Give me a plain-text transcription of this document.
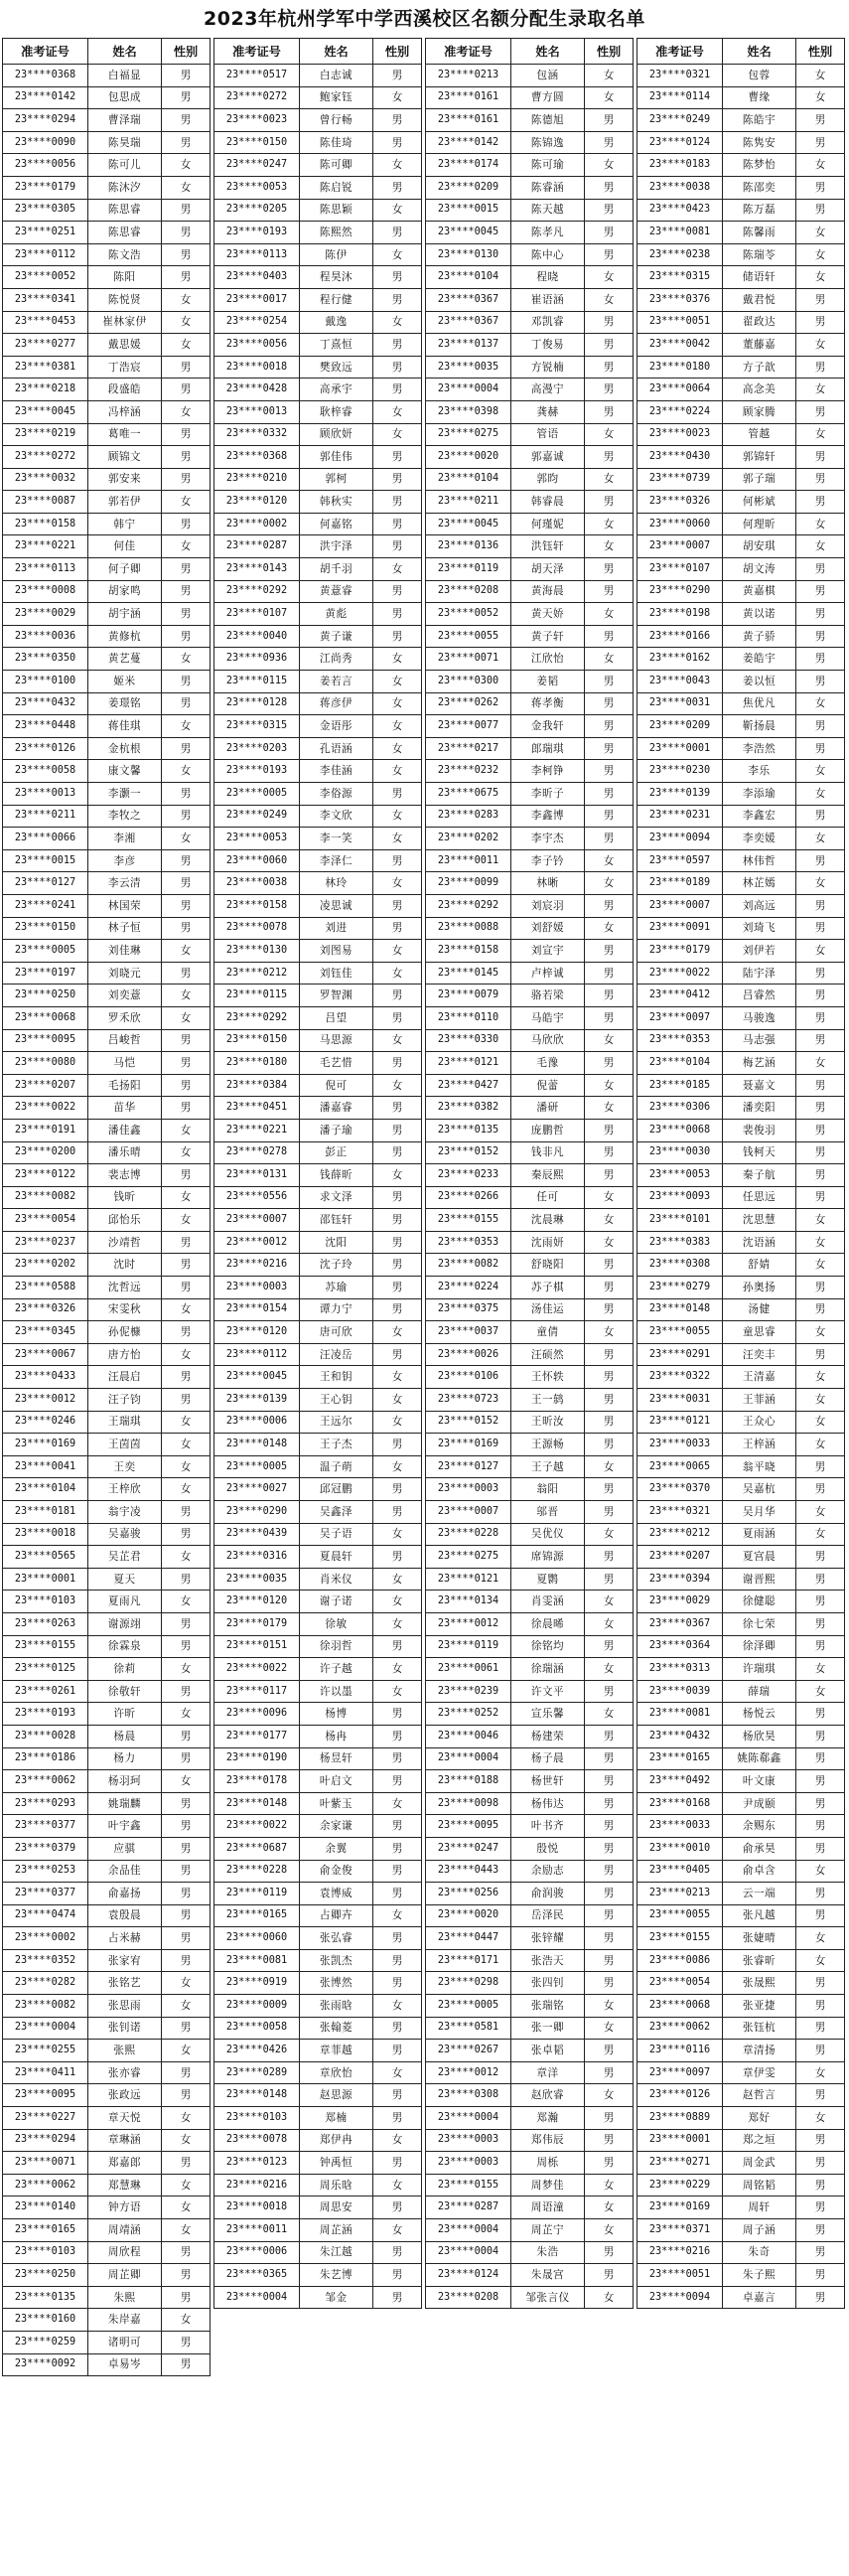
2023年杭州学军中学西溪校区名额分配生录取名单
准考证号	姓名	性别
23****0368	白福显	男
23****0142	包思成	男
23****0294	曹泽瑞	男
23****0090	陈昊瑞	男
23****0056	陈可儿	女
23****0179	陈沐汐	女
23****0305	陈思睿	男
23****0251	陈思睿	男
23****0112	陈文浩	男
23****0052	陈阳	男
23****0341	陈悦贤	女
23****0453	崔林家伊	女
23****0277	戴思媛	女
23****0381	丁浩宸	男
23****0218	段盛皓	男
23****0045	冯梓涵	女
23****0219	葛唯一	男
23****0272	顾锦文	男
23****0032	郭安来	男
23****0087	郭若伊	女
23****0158	韩宁	男
23****0221	何佳	女
23****0113	何子卿	男
23****0008	胡家鸣	男
23****0029	胡宇涵	男
23****0036	黄修杭	男
23****0350	黄艺蔓	女
23****0100	姬米	男
23****0432	姜璟铭	男
23****0448	蒋佳琪	女
23****0126	金杭根	男
23****0058	康文馨	女
23****0013	李灏一	男
23****0211	李牧之	男
23****0066	李湘	女
23****0015	李彦	男
23****0127	李云清	男
23****0241	林国荣	男
23****0150	林子恒	男
23****0005	刘佳琳	女
23****0197	刘晓元	男
23****0250	刘奕薏	女
23****0068	罗禾欣	女
23****0095	吕峻哲	男
23****0080	马恺	男
23****0207	毛扬阳	男
23****0022	苗华	男
23****0191	潘佳鑫	女
23****0200	潘乐晴	女
23****0122	裴志博	男
23****0082	钱昕	女
23****0054	邱怡乐	女
23****0237	沙靖哲	男
23****0202	沈时	男
23****0588	沈哲远	男
23****0326	宋雯秋	女
23****0345	孙伲槺	男
23****0067	唐方怡	女
23****0433	汪晨启	男
23****0012	汪子钧	男
23****0246	王瑞琪	女
23****0169	王茵茵	女
23****0041	王奕	女
23****0104	王梓欣	女
23****0181	翁宇凌	男
23****0018	吴嘉骏	男
23****0565	吴芷君	女
23****0001	夏天	男
23****0103	夏雨凡	女
23****0263	谢源翊	男
23****0155	徐霖泉	男
23****0125	徐莉	女
23****0261	徐敬轩	男
23****0193	许昕	女
23****0028	杨晨	男
23****0186	杨力	男
23****0062	杨羽珂	女
23****0293	姚瑞麟	男
23****0377	叶宇鑫	男
23****0379	应骐	男
23****0253	余品佳	男
23****0377	俞嘉扬	男
23****0474	袁殷晨	男
23****0002	占米赫	男
23****0352	张家宥	男
23****0282	张铭艺	女
23****0082	张思雨	女
23****0004	张钊诺	男
23****0255	张熙	女
23****0411	张亦睿	男
23****0095	张政远	男
23****0227	章天悦	女
23****0294	章琳涵	女
23****0071	郑嘉郎	男
23****0062	郑慧琳	女
23****0140	钟方语	女
23****0165	周靖涵	女
23****0103	周欣程	男
23****0250	周芷卿	男
23****0135	朱熙	男
23****0160	朱岸嘉	女
23****0259	诸明可	男
23****0092	卓易岑	男
准考证号	姓名	性别
23****0517	白志诚	男
23****0272	鲍家钰	女
23****0023	曾行畅	男
23****0150	陈佳琦	男
23****0247	陈可卿	女
23****0053	陈启锐	男
23****0205	陈思颖	女
23****0193	陈熙然	男
23****0113	陈伊	女
23****0403	程昊沐	男
23****0017	程行健	男
23****0254	戴逸	女
23****0056	丁熹恒	男
23****0018	樊致远	男
23****0428	高承宇	男
23****0013	耿梓睿	女
23****0332	顾欣妍	女
23****0368	郭佳伟	男
23****0210	郭柯	男
23****0120	韩秋实	男
23****0002	何嘉铭	男
23****0287	洪宇泽	男
23****0143	胡千羽	女
23****0292	黄薏睿	男
23****0107	黄彪	男
23****0040	黄子谦	男
23****0936	江尚秀	女
23****0115	姜若言	女
23****0128	蒋彦伊	女
23****0315	金语彤	女
23****0203	孔语涵	女
23****0193	李佳涵	女
23****0005	李俗源	男
23****0249	李文欣	女
23****0053	李一笑	女
23****0060	李泽仁	男
23****0038	林玲	女
23****0158	凌思诚	男
23****0078	刘进	男
23****0130	刘图易	女
23****0212	刘钰佳	女
23****0115	罗智渊	男
23****0292	吕望	男
23****0150	马思源	女
23****0180	毛艺惜	男
23****0384	倪可	女
23****0451	潘嘉睿	男
23****0221	潘子瑜	男
23****0278	彭正	男
23****0131	钱薛昕	女
23****0556	求文泽	男
23****0007	邵钰轩	男
23****0012	沈阳	男
23****0216	沈子玲	男
23****0003	苏瑜	男
23****0154	谭力宁	男
23****0120	唐可欣	女
23****0112	汪凌岳	男
23****0045	王和钥	女
23****0139	王心钥	女
23****0006	王远尔	女
23****0148	王子杰	男
23****0005	温子萌	女
23****0027	邱冠鹏	男
23****0290	吴鑫泽	男
23****0439	吴子语	女
23****0316	夏晨轩	男
23****0035	肖米仪	女
23****0120	谢子诺	女
23****0179	徐敏	女
23****0151	徐羽哲	男
23****0022	许子越	女
23****0117	许以墨	女
23****0096	杨博	男
23****0177	杨冉	男
23****0190	杨昱轩	男
23****0178	叶启文	男
23****0148	叶紫玉	女
23****0022	余家谦	男
23****0687	余翼	男
23****0228	俞金俊	男
23****0119	袁博威	男
23****0165	占卿卉	女
23****0060	张弘睿	男
23****0081	张凯杰	男
23****0919	张博然	男
23****0009	张雨晗	女
23****0058	张翰菱	男
23****0426	章菲越	男
23****0289	章欣怡	女
23****0148	赵思源	男
23****0103	郑楠	男
23****0078	郑伊冉	女
23****0123	钟禹恒	男
23****0216	周乐晗	女
23****0018	周思安	男
23****0011	周芷涵	女
23****0006	朱江越	男
23****0365	朱艺博	男
23****0004	邹金	男
准考证号	姓名	性别
23****0213	包涵	女
23****0161	曹方圆	女
23****0161	陈德旭	男
23****0142	陈锦逸	男
23****0174	陈可瑜	女
23****0209	陈睿涵	男
23****0015	陈天越	男
23****0045	陈孝凡	男
23****0130	陈中心	男
23****0104	程晓	女
23****0367	崔语涵	女
23****0367	邓凯睿	男
23****0137	丁俊易	男
23****0035	方锐楠	男
23****0004	高漫宁	男
23****0398	龚赫	男
23****0275	管语	女
23****0020	郭嘉诚	男
23****0104	郭昀	女
23****0211	韩睿晨	男
23****0045	何瑾妮	女
23****0136	洪钰轩	女
23****0119	胡天泽	男
23****0208	黄海晨	男
23****0052	黄天娇	女
23****0055	黄子轩	男
23****0071	江欣怡	女
23****0300	姜韬	男
23****0262	蒋孝衡	男
23****0077	金我轩	男
23****0217	郎瑞琪	男
23****0232	李柯铮	男
23****0675	李昕子	男
23****0283	李鑫博	男
23****0202	李宇杰	男
23****0011	李子钤	女
23****0099	林晰	女
23****0292	刘宸羽	男
23****0088	刘舒媛	女
23****0158	刘宣宇	男
23****0145	卢梓诚	男
23****0079	骆若梁	男
23****0110	马皓宇	男
23****0330	马欣欣	女
23****0121	毛豫	男
23****0427	倪蕾	女
23****0382	潘研	女
23****0135	庞鹏哲	男
23****0152	钱非凡	男
23****0233	秦辰熙	男
23****0266	任可	女
23****0155	沈晨琳	女
23****0353	沈雨妍	女
23****0082	舒晓阳	男
23****0224	苏子棋	男
23****0375	汤佳运	男
23****0037	童倩	女
23****0026	汪硕然	男
23****0106	王怀轶	男
23****0723	王一鸫	男
23****0152	王昕汝	男
23****0169	王源畅	男
23****0127	王子越	女
23****0003	翁阳	男
23****0007	邬晋	男
23****0228	吴优仪	女
23****0275	席锦源	男
23****0121	夏鹮	男
23****0134	肖雯涵	女
23****0012	徐晨晞	女
23****0119	徐铭均	男
23****0061	徐瑞涵	女
23****0239	许文平	男
23****0252	宣乐馨	女
23****0046	杨建荣	男
23****0004	杨子晨	男
23****0188	杨世轩	男
23****0098	杨伟达	男
23****0095	叶书齐	男
23****0247	殷悦	男
23****0443	余励志	男
23****0256	俞润骏	男
23****0020	岳泽民	男
23****0447	张锌耀	男
23****0171	张浩天	男
23****0298	张四钊	男
23****0005	张瑞铭	女
23****0581	张一卿	女
23****0267	张卓韬	男
23****0012	章洋	男
23****0308	赵欣睿	女
23****0004	郑瀚	男
23****0003	郑伟辰	男
23****0003	周栎	男
23****0155	周梦佳	女
23****0287	周语潼	女
23****0004	周芷宁	女
23****0004	朱浩	男
23****0124	朱晟宫	男
23****0208	邹张言仪	女
准考证号	姓名	性别
23****0321	包蓉	女
23****0114	曹缘	女
23****0249	陈皓宇	男
23****0124	陈隽安	男
23****0183	陈梦怡	女
23****0038	陈邵奕	男
23****0423	陈万磊	男
23****0081	陈馨雨	女
23****0238	陈瑞苓	女
23****0315	储语轩	女
23****0376	戴君悦	男
23****0051	翟政达	男
23****0042	董藤嘉	女
23****0180	方子歆	男
23****0064	高念美	女
23****0224	顾家腾	男
23****0023	管越	女
23****0430	郭锦轩	男
23****0739	郭子瑞	男
23****0326	何彬斌	男
23****0060	何理昕	女
23****0007	胡安琪	女
23****0107	胡文涛	男
23****0290	黄嘉棋	男
23****0198	黄以诺	男
23****0166	黄子骄	男
23****0162	姜皓宇	男
23****0043	姜以恒	男
23****0031	焦优凡	女
23****0209	靳扬晨	男
23****0001	李浩然	男
23****0230	李乐	女
23****0139	李添瑜	女
23****0231	李鑫宏	男
23****0094	李奕媛	女
23****0597	林伟哲	男
23****0189	林芷嫣	女
23****0007	刘高远	男
23****0091	刘琦飞	男
23****0179	刘伊若	女
23****0022	陆宇泽	男
23****0412	吕睿然	男
23****0097	马骏逸	男
23****0353	马志强	男
23****0104	梅艺涵	女
23****0185	聂嘉文	男
23****0306	潘奕阳	男
23****0068	裴俊羽	男
23****0030	钱柯天	男
23****0053	秦子航	男
23****0093	任思远	男
23****0101	沈思慧	女
23****0383	沈语涵	女
23****0308	舒婧	女
23****0279	孙奥扬	男
23****0148	汤健	男
23****0055	童思睿	女
23****0291	汪奕丰	男
23****0322	王清嘉	女
23****0031	王菲涵	女
23****0121	王众心	女
23****0033	王梓涵	女
23****0065	翁平晓	男
23****0370	吴嘉杭	男
23****0321	吴月华	女
23****0212	夏雨涵	女
23****0207	夏宫晨	男
23****0394	谢晋熙	男
23****0029	徐健聪	男
23****0367	徐七荣	男
23****0364	徐泽卿	男
23****0313	许瑞琪	女
23****0039	薛瑞	女
23****0081	杨悦云	男
23****0432	杨欣昊	男
23****0165	姚陈郗鑫	男
23****0492	叶文康	男
23****0168	尹成颐	男
23****0033	余赐东	男
23****0010	俞承昊	男
23****0405	俞卓含	女
23****0213	云一端	男
23****0055	张凡越	男
23****0155	张婕晴	女
23****0086	张睿昕	女
23****0054	张晟熙	男
23****0068	张亚捷	男
23****0062	张钰杭	男
23****0116	章清扬	男
23****0097	章伊雯	女
23****0126	赵哲言	男
23****0889	郑好	女
23****0001	郑之垣	男
23****0271	周金武	男
23****0229	周铭韬	男
23****0169	周轩	男
23****0371	周子涵	男
23****0216	朱奇	男
23****0051	朱子熙	男
23****0094	卓嘉言	男
